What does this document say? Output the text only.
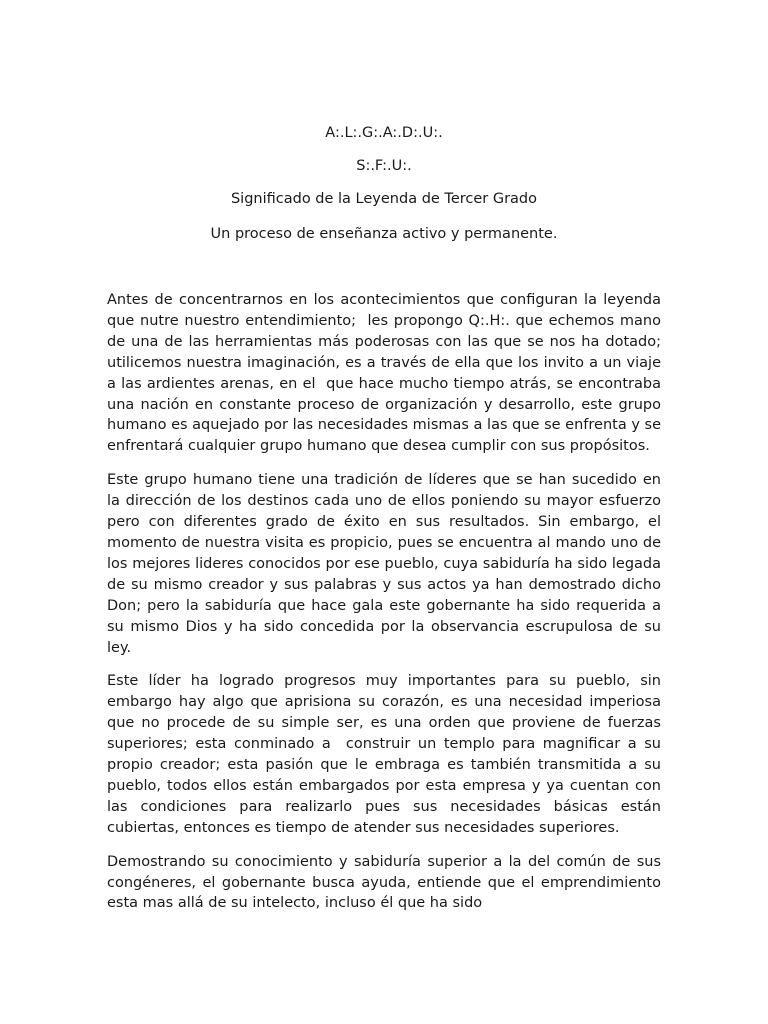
A:.L:.G:.A:.D:.U:.
S:.F:.U:.
Significado de la Leyenda de Tercer Grado
Un proceso de enseñanza activo y permanente.

Antes de concentrarnos en los acontecimientos que configuran la leyenda que nutre nuestro entendimiento;  les propongo Q:.H:. que echemos mano de una de las herramientas más poderosas con las que se nos ha dotado; utilicemos nuestra imaginación, es a través de ella que los invito a un viaje a las ardientes arenas, en el  que hace mucho tiempo atrás, se encontraba una nación en constante proceso de organización y desarrollo, este grupo humano es aquejado por las necesidades mismas a las que se enfrenta y se enfrentará cualquier grupo humano que desea cumplir con sus propósitos.

Este grupo humano tiene una tradición de líderes que se han sucedido en  la dirección de los destinos cada uno de ellos poniendo su mayor esfuerzo pero con diferentes grado de éxito en sus resultados. Sin embargo, el momento de nuestra visita es propicio, pues se encuentra al mando uno de los mejores lideres conocidos por ese pueblo, cuya sabiduría ha sido legada de su mismo creador y sus palabras y sus actos ya han demostrado dicho Don; pero la sabiduría que hace gala este gobernante ha sido requerida a su mismo Dios y ha sido concedida por la observancia escrupulosa de su ley.

Este líder ha logrado progresos muy importantes para su pueblo, sin embargo hay algo que aprisiona su corazón, es una necesidad imperiosa que no procede de su simple ser, es una orden que proviene de fuerzas superiores; esta conminado a  construir un templo para magnificar a su propio creador; esta pasión que le embraga es también transmitida a su pueblo, todos ellos están embargados por esta empresa y ya cuentan con las condiciones para realizarlo pues sus necesidades básicas están cubiertas, entonces es tiempo de atender sus necesidades superiores.

Demostrando su conocimiento y sabiduría superior a la del común de sus congéneres, el gobernante busca ayuda, entiende que el emprendimiento esta mas allá de su intelecto, incluso él que ha sido
